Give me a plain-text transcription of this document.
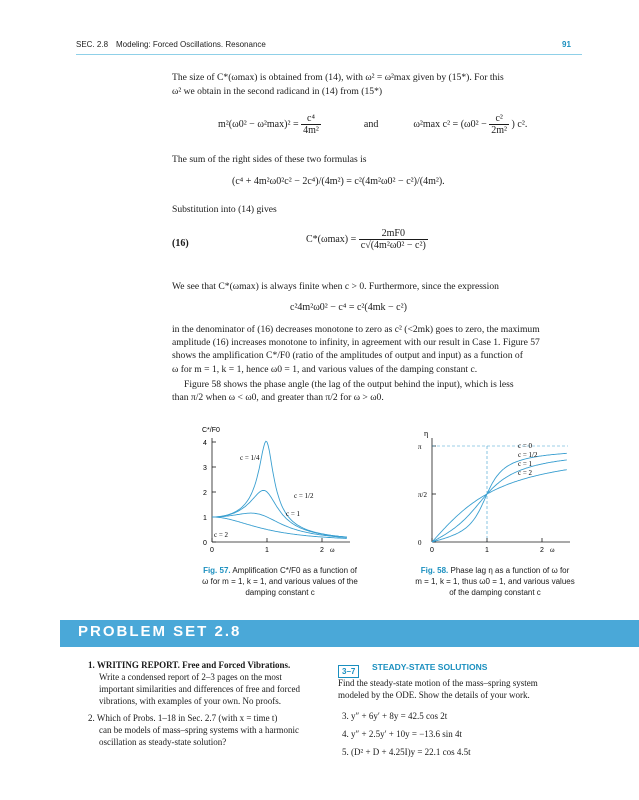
SEC. 2.8 Modeling: Forced Oscillations. Resonance	91
The size of C*(ωmax) is obtained from (14), with ω² = ω²max given by (15*). For this
ω² we obtain in the second radicand in (14) from (15*)
$m^2(\omega 0^2 - \omega^2\max)^2 = \frac{\text{c⁴}}{\text{4m²}}$	and	ω²max $c^2 = (\omega 0^2 - \frac{\text{c²}}{\text{2m²}}$ ) c².
The sum of the right sides of these two formulas is
(c⁴ + 4m²ω0²c² − 2c⁴)/(4m²) = c²(4m²ω0² − c²)/(4m²).
Substitution into (14) gives
(16)	$C*(\omega\max) = \frac{2mF0}{\text{c√(4m²ω0² − c²)}}$
We see that C*(ωmax) is always finite when c > 0. Furthermore, since the expression
c²4m²ω0² − c⁴ = c²(4mk − c²)
in the denominator of (16) decreases monotone to zero as c² (<2mk) goes to zero, the maximum
amplitude (16) increases monotone to infinity, in agreement with our result in Case 1. Figure 57
shows the amplification C*/F0 (ratio of the amplitudes of output and input) as a function of
ω for m = 1, k = 1, hence ω0 = 1, and various values of the damping constant c.
Figure 58 shows the phase angle (the lag of the output behind the input), which is less
than π/2 when ω < ω0, and greater than π/2 for ω > ω0.
C*/F0
0
1
2
3
4
0	1	2 ω
c = 1/4
c = 1/2
c = 1
c = 2
Fig. 57. Amplification C*/F0 as a function of
ω for m = 1, k = 1, and various values of the
damping constant c
η
0
π/2
π
0	1	2 ω
c = 0
c = 1/2
c = 1
c = 2
Fig. 58. Phase lag η as a function of ω for
m = 1, k = 1, thus ω0 = 1, and various values
of the damping constant c
PROBLEM SET 2.8
1. WRITING REPORT. Free and Forced Vibrations.
Write a condensed report of 2–3 pages on the most
important similarities and differences of free and forced
vibrations, with examples of your own. No proofs.
2. Which of Probs. 1–18 in Sec. 2.7 (with x = time t)
can be models of mass–spring systems with a harmonic
oscillation as steady-state solution?
3–7	STEADY-STATE SOLUTIONS
Find the steady-state motion of the mass–spring system
modeled by the ODE. Show the details of your work.
3. y″ + 6y′ + 8y = 42.5 cos 2t
4. y″ + 2.5y′ + 10y = −13.6 sin 4t
5. (D² + D + 4.25I)y = 22.1 cos 4.5t
